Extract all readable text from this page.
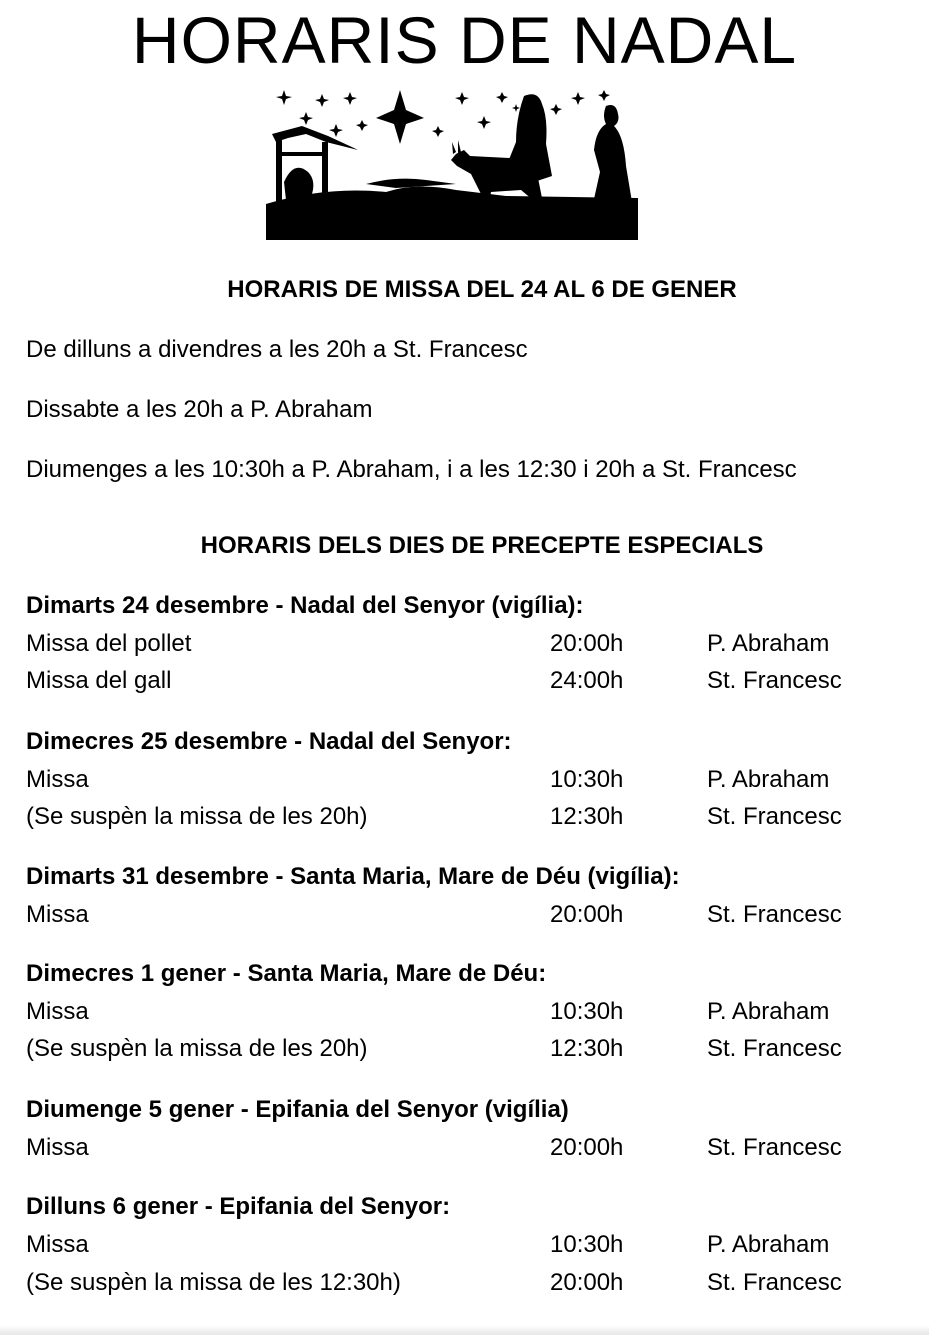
HORARIS DE NADAL
HORARIS DE MISSA DEL 24 AL 6 DE GENER
De dilluns a divendres a les 20h a St. Francesc
Dissabte a les 20h a P. Abraham
Diumenges a les 10:30h a P. Abraham, i a les 12:30 i 20h a St. Francesc
HORARIS DELS DIES DE PRECEPTE ESPECIALS
Dimarts 24 desembre - Nadal del Senyor (vigília):
Missa del pollet	20:00h	P. Abraham
Missa del gall	24:00h	St. Francesc
Dimecres 25 desembre - Nadal del Senyor:
Missa	10:30h	P. Abraham
(Se suspèn la missa de les 20h)	12:30h	St. Francesc
Dimarts 31 desembre - Santa Maria, Mare de Déu (vigília):
Missa	20:00h	St. Francesc
Dimecres 1 gener - Santa Maria, Mare de Déu:
Missa	10:30h	P. Abraham
(Se suspèn la missa de les 20h)	12:30h	St. Francesc
Diumenge 5 gener - Epifania del Senyor (vigília)
Missa	20:00h	St. Francesc
Dilluns 6 gener - Epifania del Senyor:
Missa	10:30h	P. Abraham
(Se suspèn la missa de les 12:30h)	20:00h	St. Francesc
